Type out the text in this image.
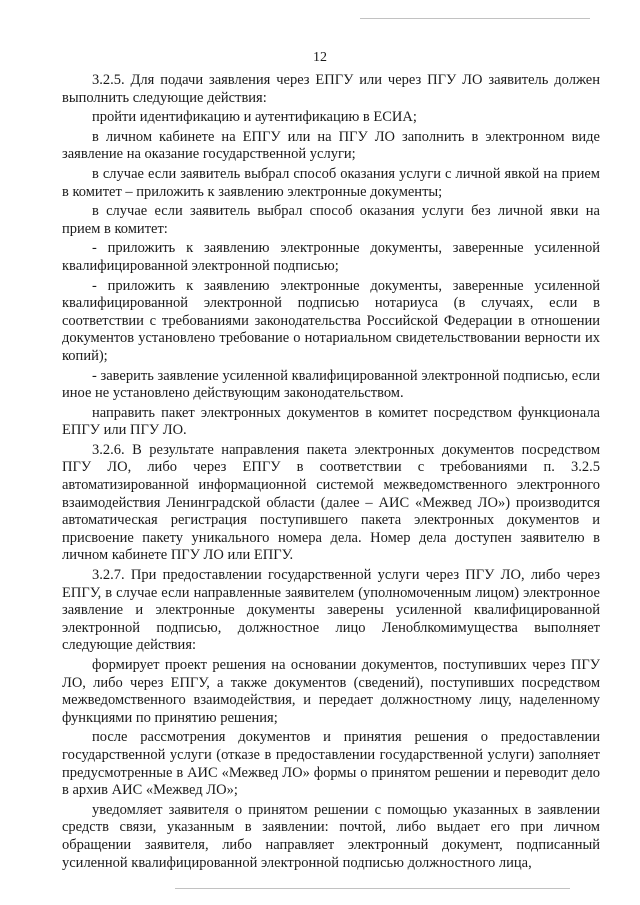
12

3.2.5. Для подачи заявления через ЕПГУ или через ПГУ ЛО заявитель должен выполнить следующие действия:

пройти идентификацию и аутентификацию в ЕСИА;

в личном кабинете на ЕПГУ или на ПГУ ЛО заполнить в электронном виде заявление на оказание государственной услуги;

в случае если заявитель выбрал способ оказания услуги с личной явкой на прием в комитет – приложить к заявлению электронные документы;

в случае если заявитель выбрал способ оказания услуги без личной явки на прием в комитет:

- приложить к заявлению электронные документы, заверенные усиленной квалифицированной электронной подписью;

- приложить к заявлению электронные документы, заверенные усиленной квалифицированной электронной подписью нотариуса (в случаях, если в соответствии с требованиями законодательства Российской Федерации в отношении документов установлено требование о нотариальном свидетельствовании верности их копий);

- заверить заявление усиленной квалифицированной электронной подписью, если иное не установлено действующим законодательством.

направить пакет электронных документов в комитет посредством функционала ЕПГУ или ПГУ ЛО.

3.2.6. В результате направления пакета электронных документов посредством ПГУ ЛО, либо через ЕПГУ в соответствии с требованиями п. 3.2.5 автоматизированной информационной системой межведомственного электронного взаимодействия Ленинградской области (далее – АИС «Межвед ЛО») производится автоматическая регистрация поступившего пакета электронных документов и присвоение пакету уникального номера дела. Номер дела доступен заявителю в личном кабинете ПГУ ЛО или ЕПГУ.

3.2.7. При предоставлении государственной услуги через ПГУ ЛО, либо через ЕПГУ, в случае если направленные заявителем (уполномоченным лицом) электронное заявление и электронные документы заверены усиленной квалифицированной электронной подписью, должностное лицо Леноблкомимущества выполняет следующие действия:

формирует проект решения на основании документов, поступивших через ПГУ ЛО, либо через ЕПГУ, а также документов (сведений), поступивших посредством межведомственного взаимодействия, и передает должностному лицу, наделенному функциями по принятию решения;

после рассмотрения документов и принятия решения о предоставлении государственной услуги (отказе в предоставлении государственной услуги) заполняет предусмотренные в АИС «Межвед ЛО» формы о принятом решении и переводит дело в архив АИС «Межвед ЛО»;

уведомляет заявителя о принятом решении с помощью указанных в заявлении средств связи, указанным в заявлении: почтой, либо выдает его при личном обращении заявителя, либо направляет электронный документ, подписанный усиленной квалифицированной электронной подписью должностного лица,
